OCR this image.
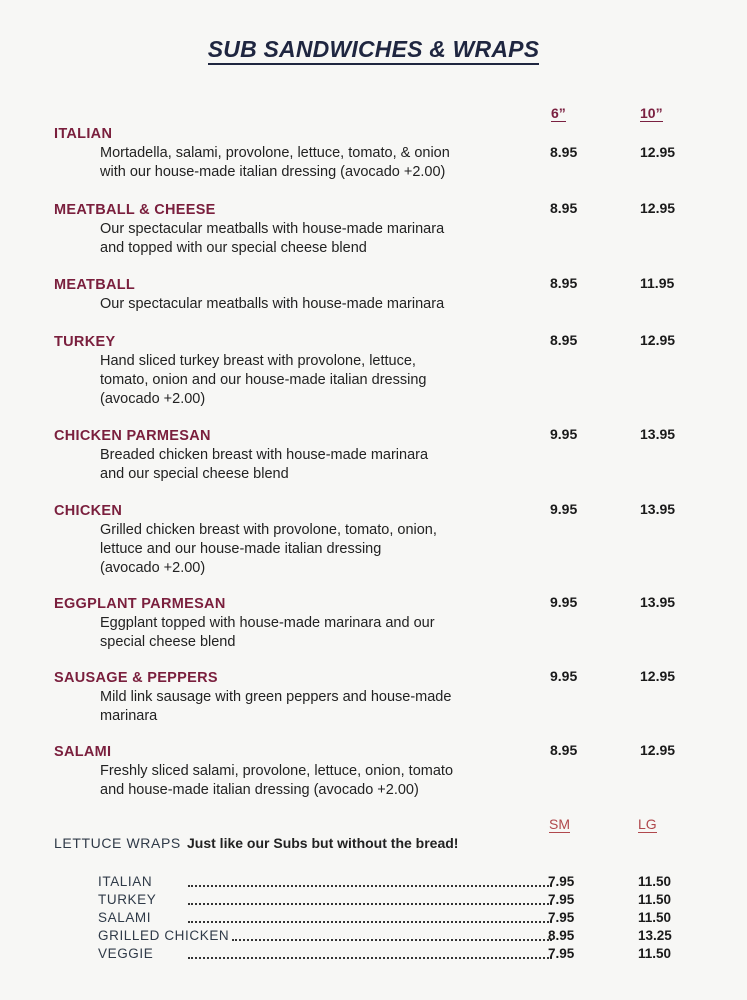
SUB SANDWICHES & WRAPS
6”	10”
ITALIAN
Mortadella, salami, provolone, lettuce, tomato, & onion
with our house-made italian dressing (avocado +2.00)
8.95	12.95
MEATBALL & CHEESE
Our spectacular meatballs with house-made marinara
and topped with our special cheese blend
8.95	12.95
MEATBALL
Our spectacular meatballs with house-made marinara
8.95	11.95
TURKEY
Hand sliced turkey breast with provolone, lettuce,
tomato, onion and our house-made italian dressing
(avocado +2.00)
8.95	12.95
CHICKEN PARMESAN
Breaded chicken breast with house-made marinara
and our special cheese blend
9.95	13.95
CHICKEN
Grilled chicken breast with provolone, tomato, onion,
lettuce and our house-made italian dressing
(avocado +2.00)
9.95	13.95
EGGPLANT PARMESAN
Eggplant topped with house-made marinara and our
special cheese blend
9.95	13.95
SAUSAGE & PEPPERS
Mild link sausage with green peppers and house-made
marinara
9.95	12.95
SALAMI
Freshly sliced salami, provolone, lettuce, onion, tomato
and house-made italian dressing (avocado +2.00)
8.95	12.95
SM	LG
LETTUCE WRAPS Just like our Subs but without the bread!
ITALIAN	7.95	11.50
TURKEY	7.95	11.50
SALAMI	7.95	11.50
GRILLED CHICKEN	8.95	13.25
VEGGIE	7.95	11.50
